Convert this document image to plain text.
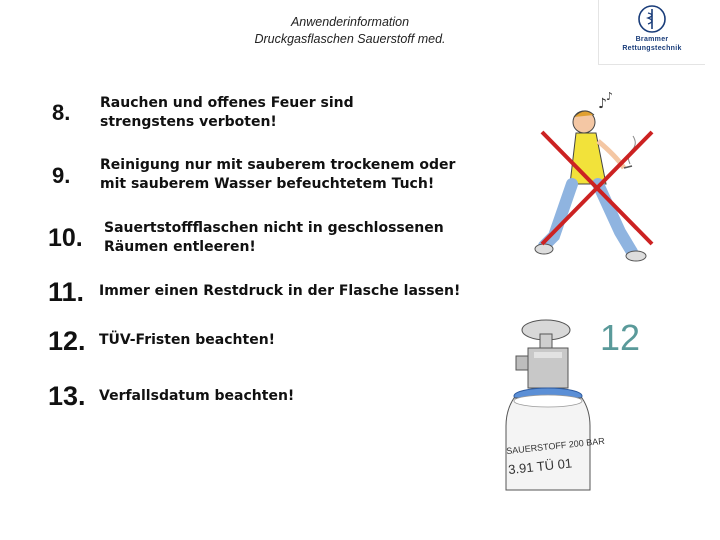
Anwenderinformation
Druckgasflaschen Sauerstoff med.	Brammer
Rettungstechnik
8. Rauchen und offenes Feuer sind
strengstens verboten!
9. Reinigung nur mit sauberem trockenem oder
mit sauberem Wasser befeuchtetem Tuch!
10. Sauertstoffflaschen nicht in geschlossenen
Räumen entleeren!
11. Immer einen Restdruck in der Flasche lassen!
12. TÜV-Fristen beachten!
13. Verfallsdatum beachten!
♪ ♪
SAUERSTOFF 200 BAR
3.91 TÜ 01
12
